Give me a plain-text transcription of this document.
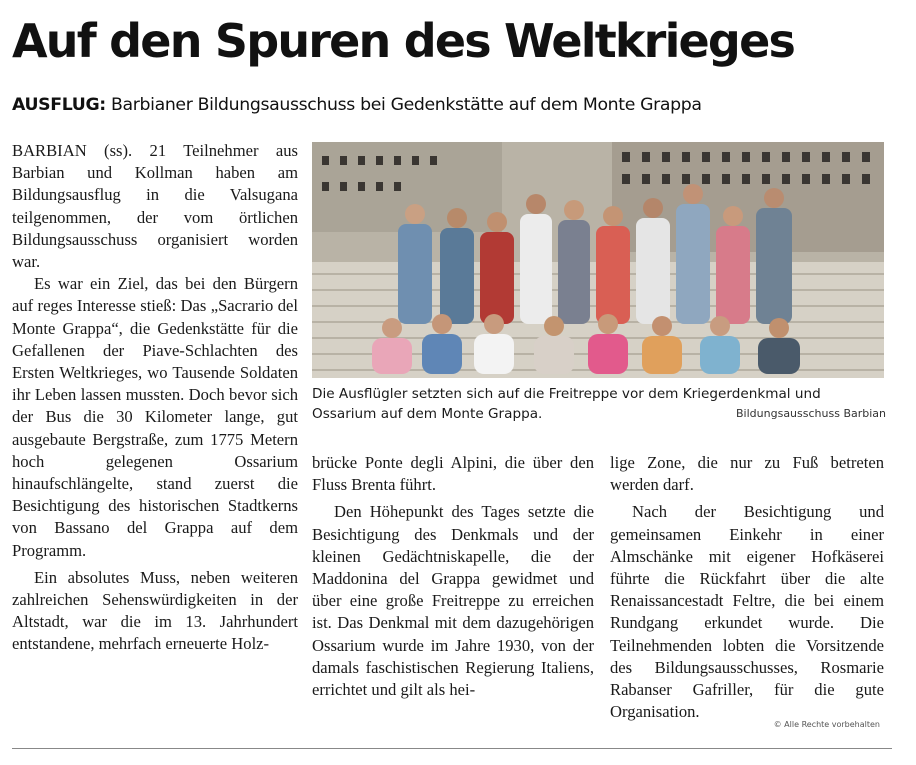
Auf den Spuren des Weltkrieges
AUSFLUG: Barbianer Bildungsausschuss bei Gedenkstätte auf dem Monte Grappa

BARBIAN (ss). 21 Teilnehmer aus Barbian und Kollman haben am Bildungsausflug in die Valsugana teilgenommen, der vom örtlichen Bildungsausschuss organisiert worden war.

Es war ein Ziel, das bei den Bürgern auf reges Interesse stieß: Das „Sacrario del Monte Grappa“, die Gedenkstätte für die Gefallenen der Piave-Schlachten des Ersten Weltkrieges, wo Tausende Soldaten ihr Leben lassen mussten. Doch bevor sich der Bus die 30 Kilometer lange, gut ausgebaute Bergstraße, zum 1775 Metern hoch gelegenen Ossarium hinaufschlängelte, stand zuerst die Besichtigung des historischen Stadtkerns von Bassano del Grappa auf dem Programm.

Ein absolutes Muss, neben weiteren zahlreichen Sehenswürdigkeiten in der Altstadt, war die im 13. Jahrhundert entstandene, mehrfach erneuerte Holz-

Die Ausflügler setzten sich auf die Freitreppe vor dem Kriegerdenkmal und Ossarium auf dem Monte Grappa.	Bildungsausschuss Barbian

brücke Ponte degli Alpini, die über den Fluss Brenta führt.

Den Höhepunkt des Tages setzte die Besichtigung des Denkmals und der kleinen Gedächtniskapelle, die der Maddonina del Grappa gewidmet und über eine große Freitreppe zu erreichen ist. Das Denkmal mit dem dazugehörigen Ossarium wurde im Jahre 1930, von der damals faschistischen Regierung Italiens, errichtet und gilt als hei-

lige Zone, die nur zu Fuß betreten werden darf.

Nach der Besichtigung und gemeinsamen Einkehr in einer Almschänke mit eigener Hofkäserei führte die Rückfahrt über die alte Renaissancestadt Feltre, die bei einem Rundgang erkundet wurde. Die Teilnehmenden lobten die Vorsitzende des Bildungsausschusses, Rosmarie Rabanser Gafriller, für die gute Organisation.

© Alle Rechte vorbehalten
